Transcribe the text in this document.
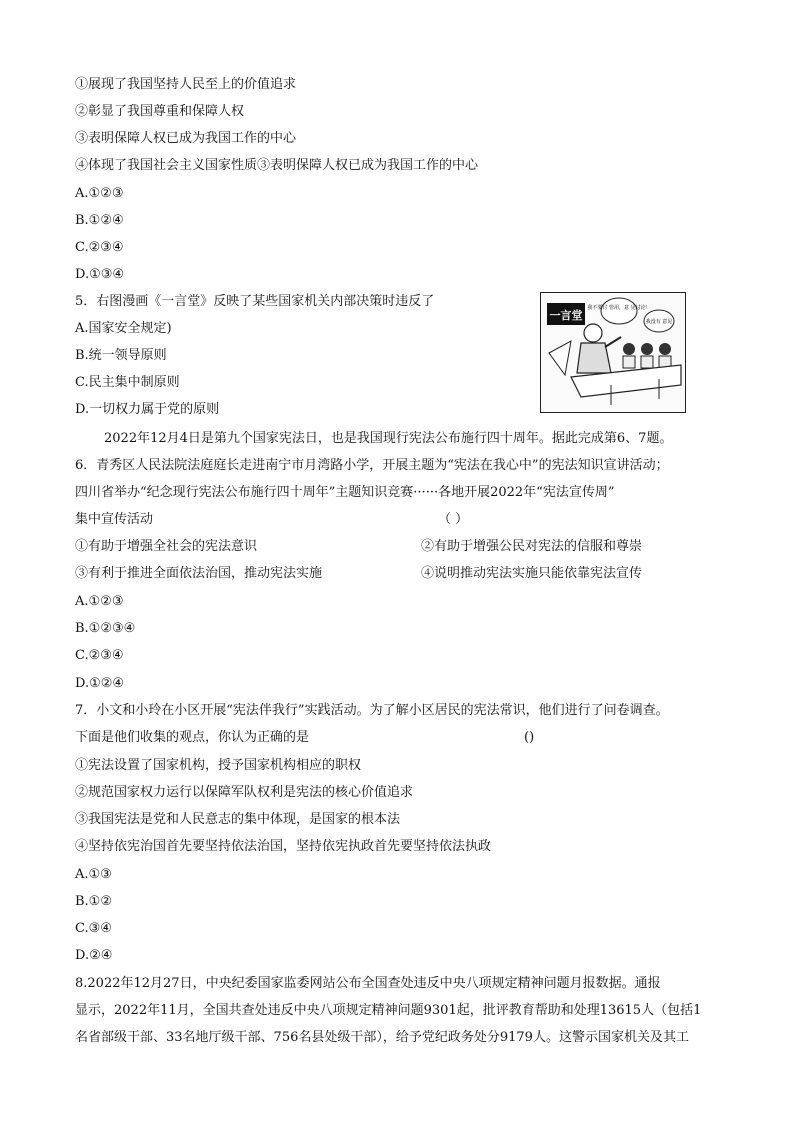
①展现了我国坚持人民至上的价值追求
②彰显了我国尊重和保障人权
③表明保障人权已成为我国工作的中心
④体现了我国社会主义国家性质③表明保障人权已成为我国工作的中心
A.①②③
B.①②④
C.②③④
D.①③④
5．右图漫画《一言堂》反映了某些国家机关内部决策时违反了
A.国家安全规定)
B.统一领导原则
C.民主集中制原则
D.一切权力属于党的原则
一言堂
我不要讨 管用，意 见讨论！
我没有 意见
2022年12月4日是第九个国家宪法日，也是我国现行宪法公布施行四十周年。据此完成第6、7题。
6．青秀区人民法院法庭庭长走进南宁市月湾路小学，开展主题为“宪法在我心中”的宪法知识宣讲活动；
四川省举办“纪念现行宪法公布施行四十周年”主题知识竞赛······各地开展2022年“宪法宣传周”
集中宣传活动	（ ）
①有助于增强全社会的宪法意识	②有助于增强公民对宪法的信服和尊崇
③有利于推进全面依法治国，推动宪法实施	④说明推动宪法实施只能依靠宪法宣传
A.①②③
B.①②③④
C.②③④
D.①②④
7．小文和小玲在小区开展“宪法伴我行”实践活动。为了解小区居民的宪法常识，他们进行了问卷调查。
下面是他们收集的观点，你认为正确的是	()
①宪法设置了国家机构，授予国家机构相应的职权
②规范国家权力运行以保障军队权利是宪法的核心价值追求
③我国宪法是党和人民意志的集中体现，是国家的根本法
④坚持依宪治国首先要坚持依法治国，坚持依宪执政首先要坚持依法执政
A.①③
B.①②
C.③④
D.②④
8.2022年12月27日，中央纪委国家监委网站公布全国查处违反中央八项规定精神问题月报数据。通报
显示，2022年11月，全国共查处违反中央八项规定精神问题9301起，批评教育帮助和处理13615人（包括1
名省部级干部、33名地厅级干部、756名县处级干部），给予党纪政务处分9179人。这警示国家机关及其工
